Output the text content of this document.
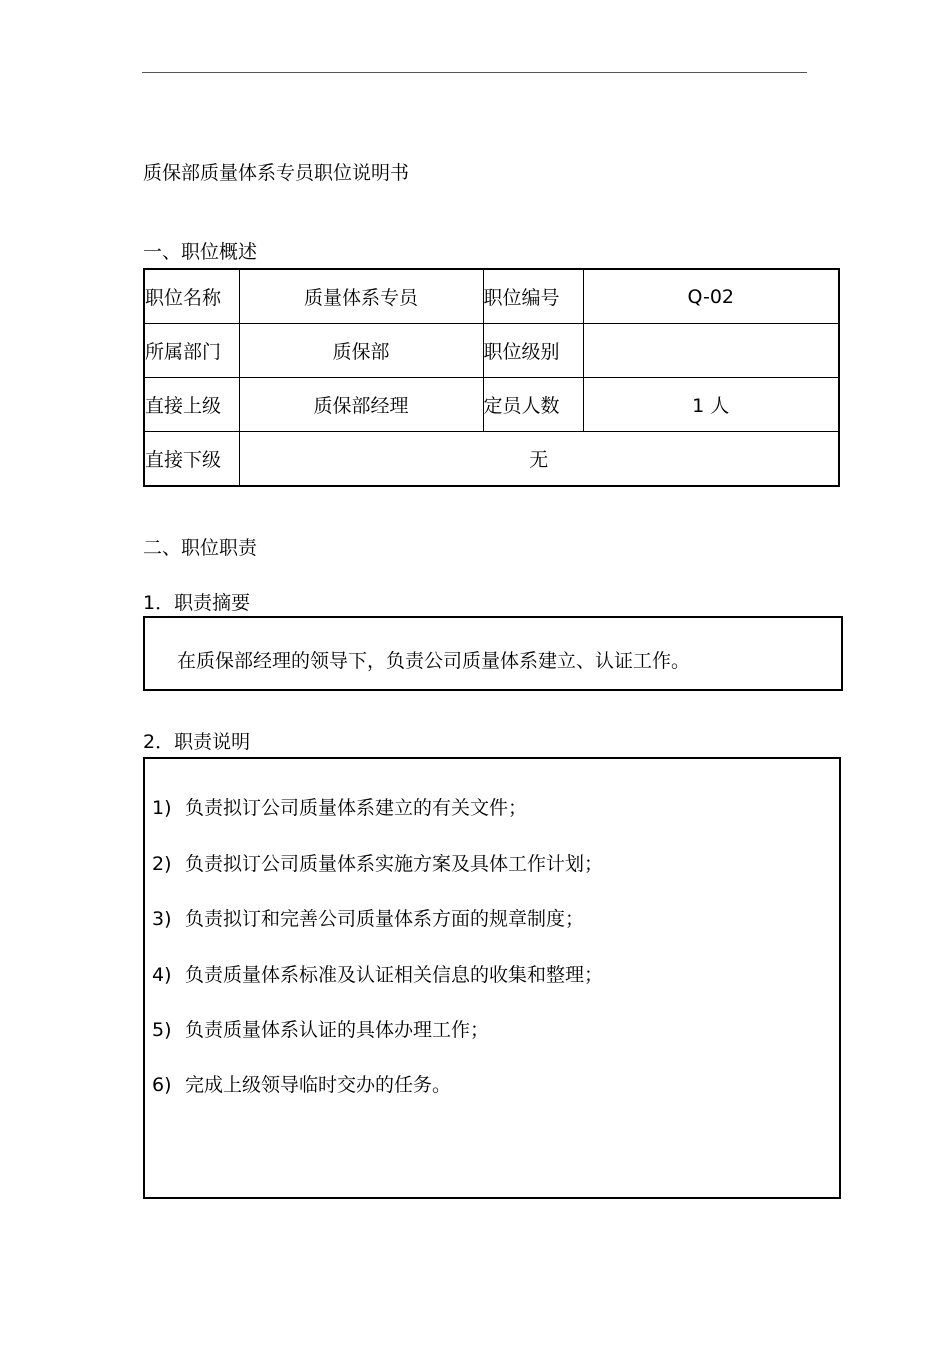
质保部质量体系专员职位说明书
一、职位概述
职位名称	质量体系专员	职位编号	Q-02
所属部门	质保部	职位级别	
直接上级	质保部经理	定员人数	1 人
直接下级	无		
二、职位职责
1．职责摘要
在质保部经理的领导下，负责公司质量体系建立、认证工作。
2．职责说明
1) 负责拟订公司质量体系建立的有关文件；
2) 负责拟订公司质量体系实施方案及具体工作计划；
3) 负责拟订和完善公司质量体系方面的规章制度；
4) 负责质量体系标准及认证相关信息的收集和整理；
5) 负责质量体系认证的具体办理工作；
6) 完成上级领导临时交办的任务。
